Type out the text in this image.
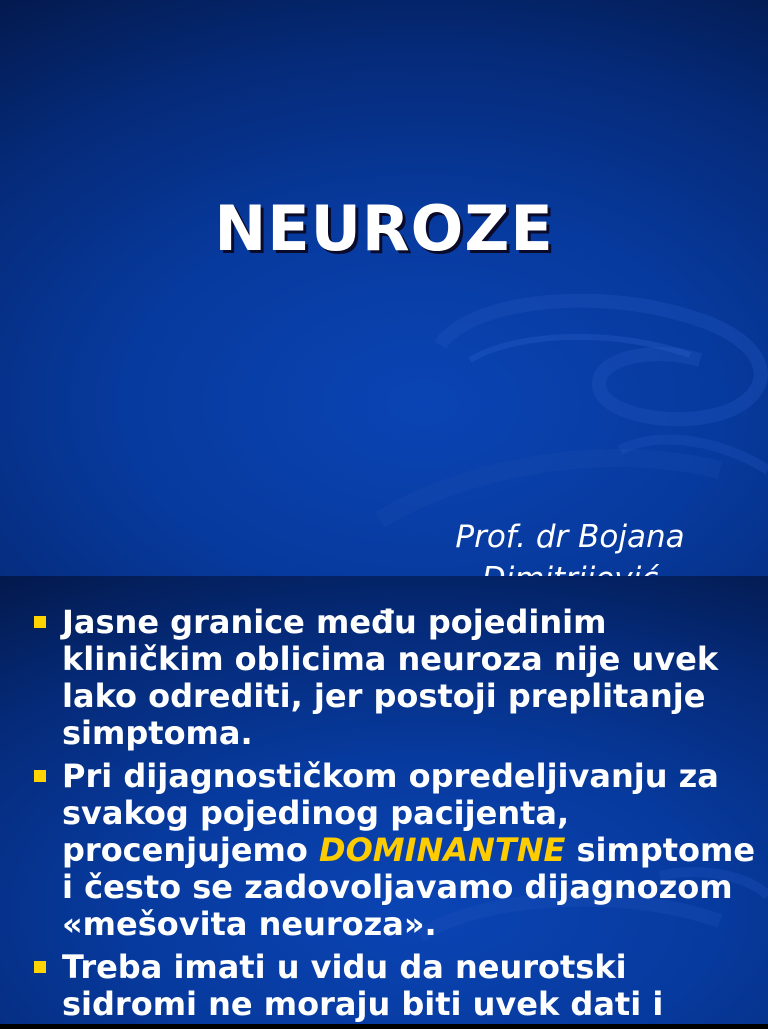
NEUROZE
Prof. dr Bojana
Jasne granice među pojedinim kliničkim oblicima neuroza nije uvek lako odrediti, jer postoji preplitanje simptoma.
Pri dijagnostičkom opredeljivanju za svakog pojedinog pacijenta, procenjujemo DOMINANTNE simptome i često se zadovoljavamo dijagnozom «mešovita neuroza».
Treba imati u vidu da neurotski sidromi ne moraju biti uvek dati i
